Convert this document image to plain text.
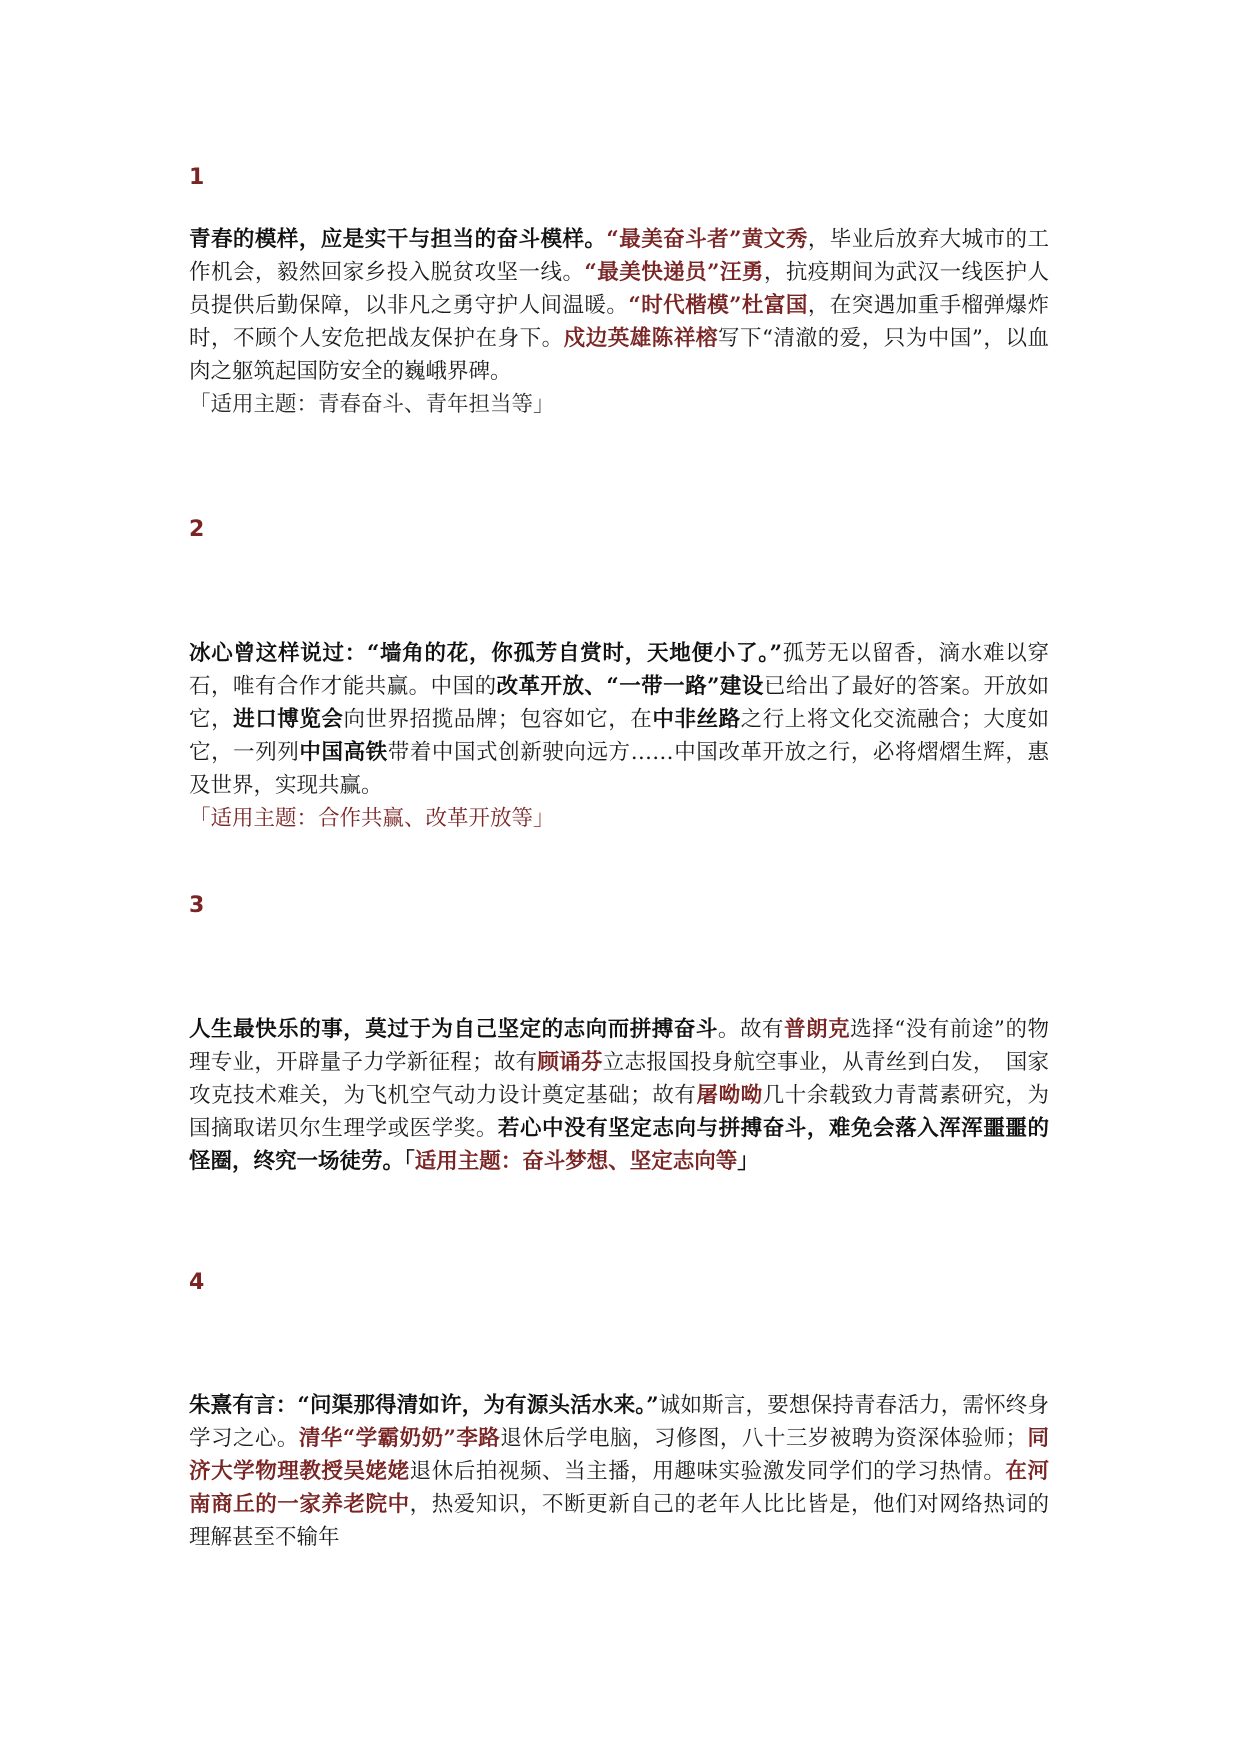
1

青春的模样，应是实干与担当的奋斗模样。“最美奋斗者”黄文秀，毕业后放弃大城市的工作机会，毅然回家乡投入脱贫攻坚一线。“最美快递员”汪勇，抗疫期间为武汉一线医护人员提供后勤保障，以非凡之勇守护人间温暖。“时代楷模”杜富国，在突遇加重手榴弹爆炸时，不顾个人安危把战友保护在身下。戍边英雄陈祥榕写下“清澈的爱，只为中国”，以血肉之躯筑起国防安全的巍峨界碑。
「适用主题：青春奋斗、青年担当等」

2

冰心曾这样说过：“墙角的花，你孤芳自赏时，天地便小了。”孤芳无以留香，滴水难以穿石，唯有合作才能共赢。中国的改革开放、“一带一路”建设已给出了最好的答案。开放如它，进口博览会向世界招揽品牌；包容如它，在中非丝路之行上将文化交流融合；大度如它，一列列中国高铁带着中国式创新驶向远方……中国改革开放之行，必将熠熠生辉，惠及世界，实现共赢。
「适用主题：合作共赢、改革开放等」

3

人生最快乐的事，莫过于为自己坚定的志向而拼搏奋斗。故有普朗克选择“没有前途”的物理专业，开辟量子力学新征程；故有顾诵芬立志报国投身航空事业，从青丝到白发，　国家攻克技术难关，为飞机空气动力设计奠定基础；故有屠呦呦几十余载致力青蒿素研究，为国摘取诺贝尔生理学或医学奖。若心中没有坚定志向与拼搏奋斗，难免会落入浑浑噩噩的怪圈，终究一场徒劳。「适用主题：奋斗梦想、坚定志向等」

4

朱熹有言：“问渠那得清如许，为有源头活水来。”诚如斯言，要想保持青春活力，需怀终身学习之心。清华“学霸奶奶”李路退休后学电脑，习修图，八十三岁被聘为资深体验师；同济大学物理教授吴姥姥退休后拍视频、当主播，用趣味实验激发同学们的学习热情。在河南商丘的一家养老院中，热爱知识，不断更新自己的老年人比比皆是，他们对网络热词的理解甚至不输年
